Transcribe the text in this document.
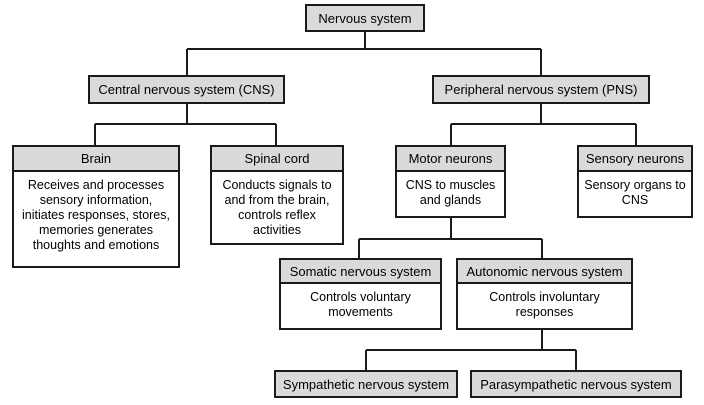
Nervous system
Central nervous system (CNS)	Peripheral nervous system (PNS)
Brain
Receives and processes sensory information, initiates responses, stores, memories generates thoughts and emotions
Spinal cord
Conducts signals to and from the brain, controls reflex activities
Motor neurons
CNS to muscles and glands
Sensory neurons
Sensory organs to CNS
Somatic nervous system
Controls voluntary movements
Autonomic nervous system
Controls involuntary responses
Sympathetic nervous system	Parasympathetic nervous system
